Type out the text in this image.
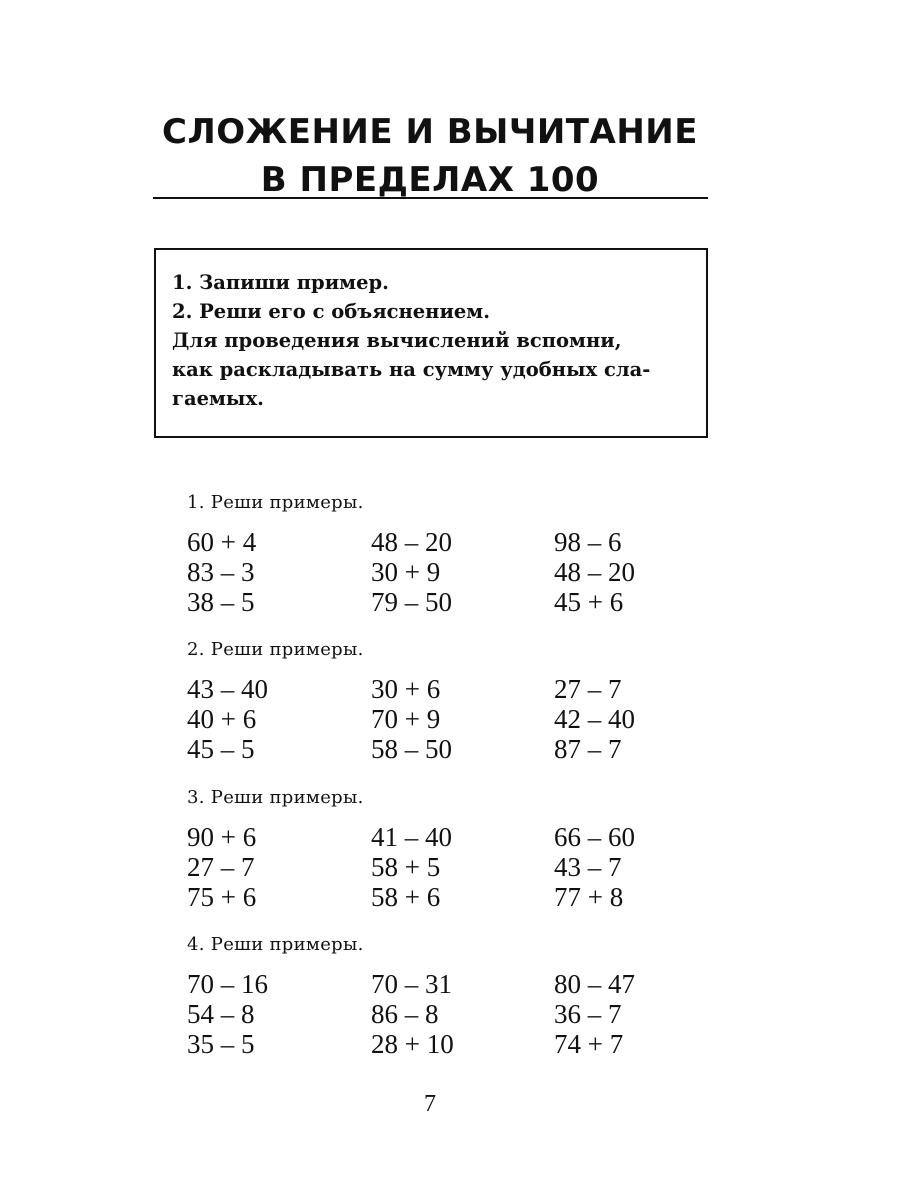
СЛОЖЕНИЕ И ВЫЧИТАНИЕ
В ПРЕДЕЛАХ 100
1. Запиши пример.
2. Реши его с объяснением.
Для проведения вычислений вспомни,
как раскладывать на сумму удобных сла-
гаемых.
1. Реши примеры.
60 + 4	48 – 20	98 – 6
83 – 3	30 + 9	48 – 20
38 – 5	79 – 50	45 + 6
2. Реши примеры.
43 – 40	30 + 6	27 – 7
40 + 6	70 + 9	42 – 40
45 – 5	58 – 50	87 – 7
3. Реши примеры.
90 + 6	41 – 40	66 – 60
27 – 7	58 + 5	43 – 7
75 + 6	58 + 6	77 + 8
4. Реши примеры.
70 – 16	70 – 31	80 – 47
54 – 8	86 – 8	36 – 7
35 – 5	28 + 10	74 + 7
7
